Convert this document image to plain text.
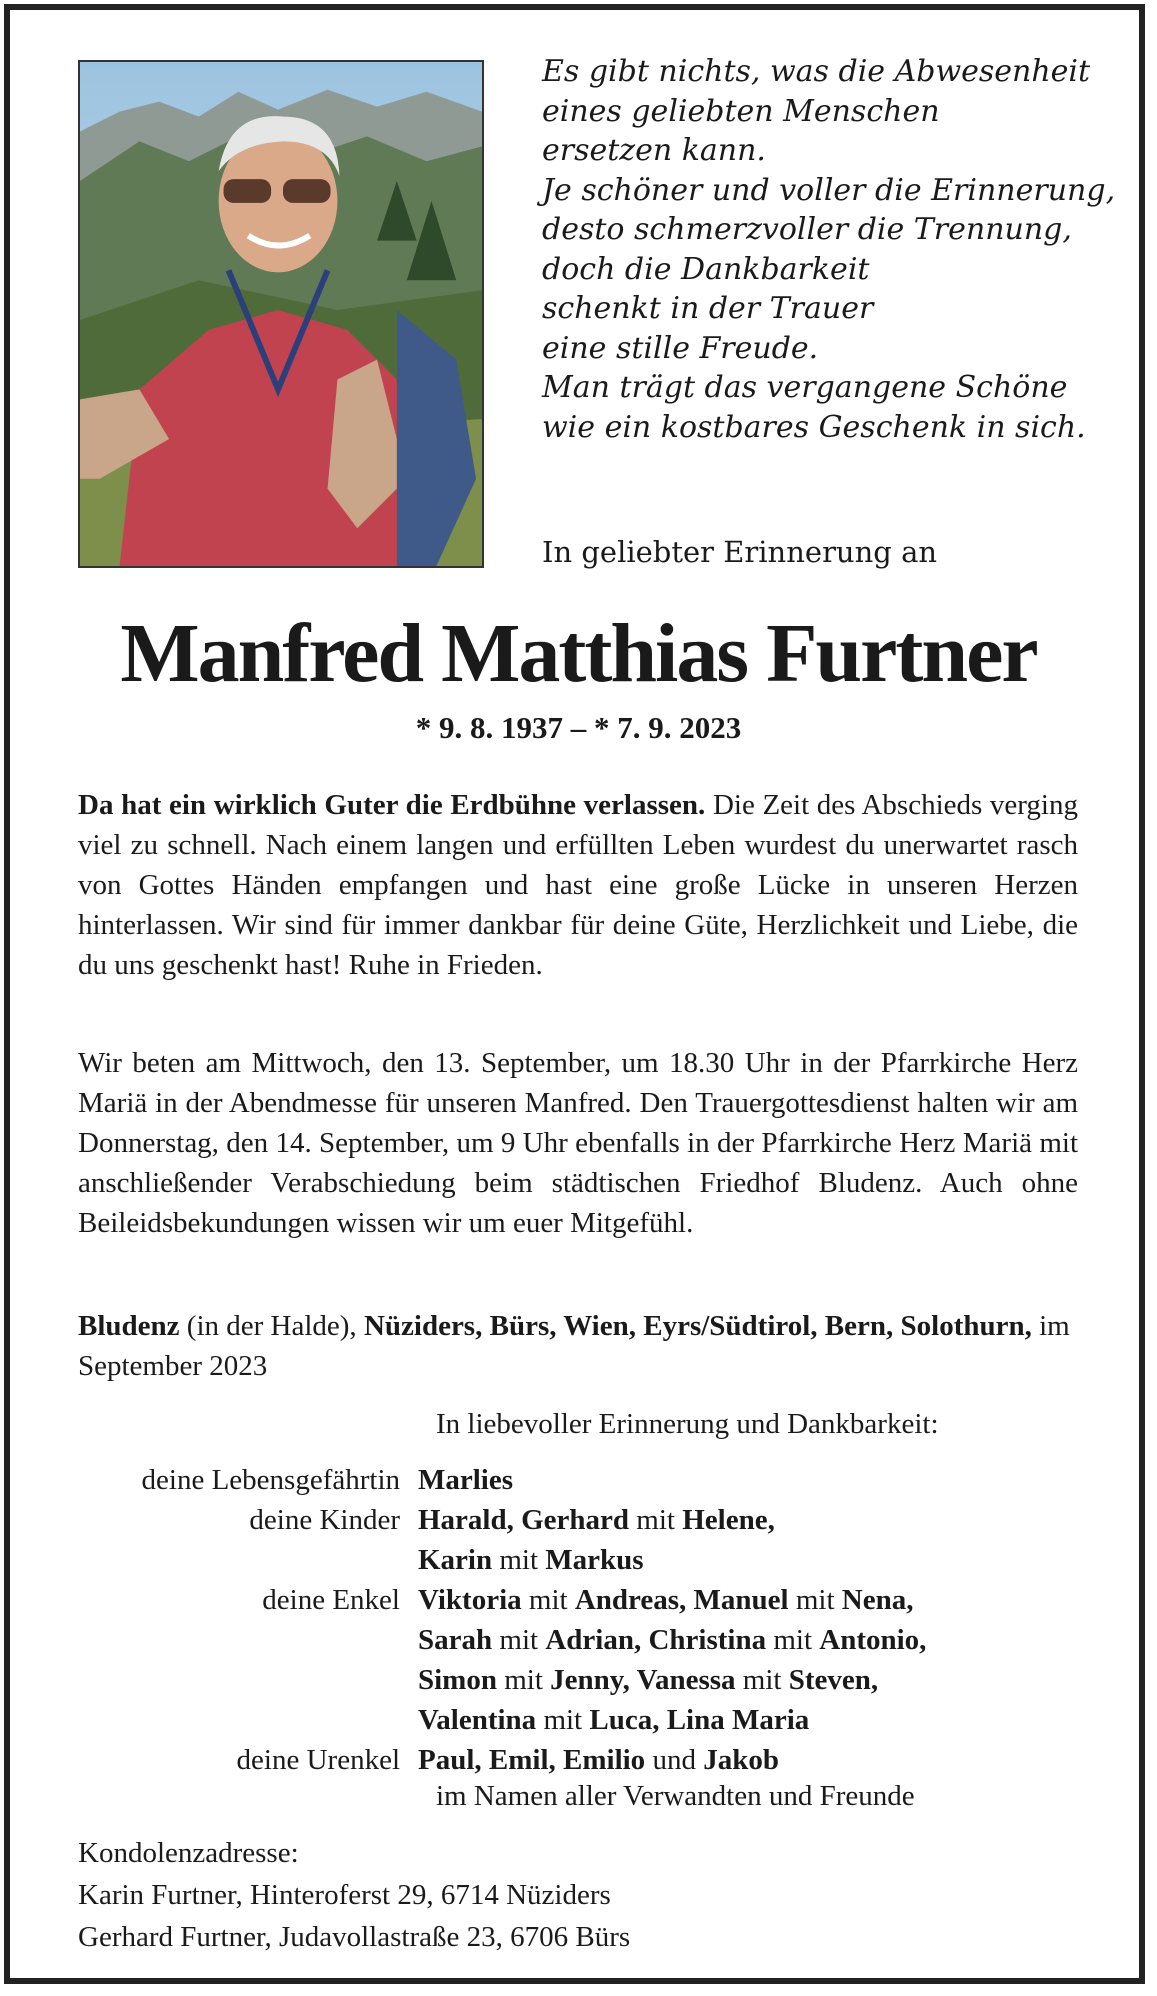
Es gibt nichts, was die Abwesenheit
eines geliebten Menschen
ersetzen kann.
Je schöner und voller die Erinnerung,
desto schmerzvoller die Trennung,
doch die Dankbarkeit
schenkt in der Trauer
eine stille Freude.
Man trägt das vergangene Schöne
wie ein kostbares Geschenk in sich.
In geliebter Erinnerung an
Manfred Matthias Furtner
* 9. 8. 1937 – * 7. 9. 2023
Da hat ein wirklich Guter die Erdbühne verlassen. Die Zeit des Abschieds verging viel zu schnell. Nach einem langen und erfüllten Leben wurdest du unerwartet rasch von Gottes Händen empfangen und hast eine große Lücke in unseren Herzen hinterlassen. Wir sind für immer dankbar für deine Güte, Herzlichkeit und Liebe, die du uns geschenkt hast! Ruhe in Frieden.
Wir beten am Mittwoch, den 13. September, um 18.30 Uhr in der Pfarrkirche Herz Mariä in der Abendmesse für unseren Manfred. Den Trauergottesdienst halten wir am Donnerstag, den 14. September, um 9 Uhr ebenfalls in der Pfarrkirche Herz Mariä mit anschließender Verabschiedung beim städtischen Friedhof Bludenz. Auch ohne Beileidsbekundungen wissen wir um euer Mitgefühl.
Bludenz (in der Halde), Nüziders, Bürs, Wien, Eyrs/Südtirol, Bern, Solothurn, im September 2023
In liebevoller Erinnerung und Dankbarkeit:
deine Lebensgefährtin Marlies
deine Kinder Harald, Gerhard mit Helene,
Karin mit Markus
deine Enkel Viktoria mit Andreas, Manuel mit Nena,
Sarah mit Adrian, Christina mit Antonio,
Simon mit Jenny, Vanessa mit Steven,
Valentina mit Luca, Lina Maria
deine Urenkel Paul, Emil, Emilio und Jakob
im Namen aller Verwandten und Freunde
Kondolenzadresse:
Karin Furtner, Hinteroferst 29, 6714 Nüziders
Gerhard Furtner, Judavollastraße 23, 6706 Bürs
